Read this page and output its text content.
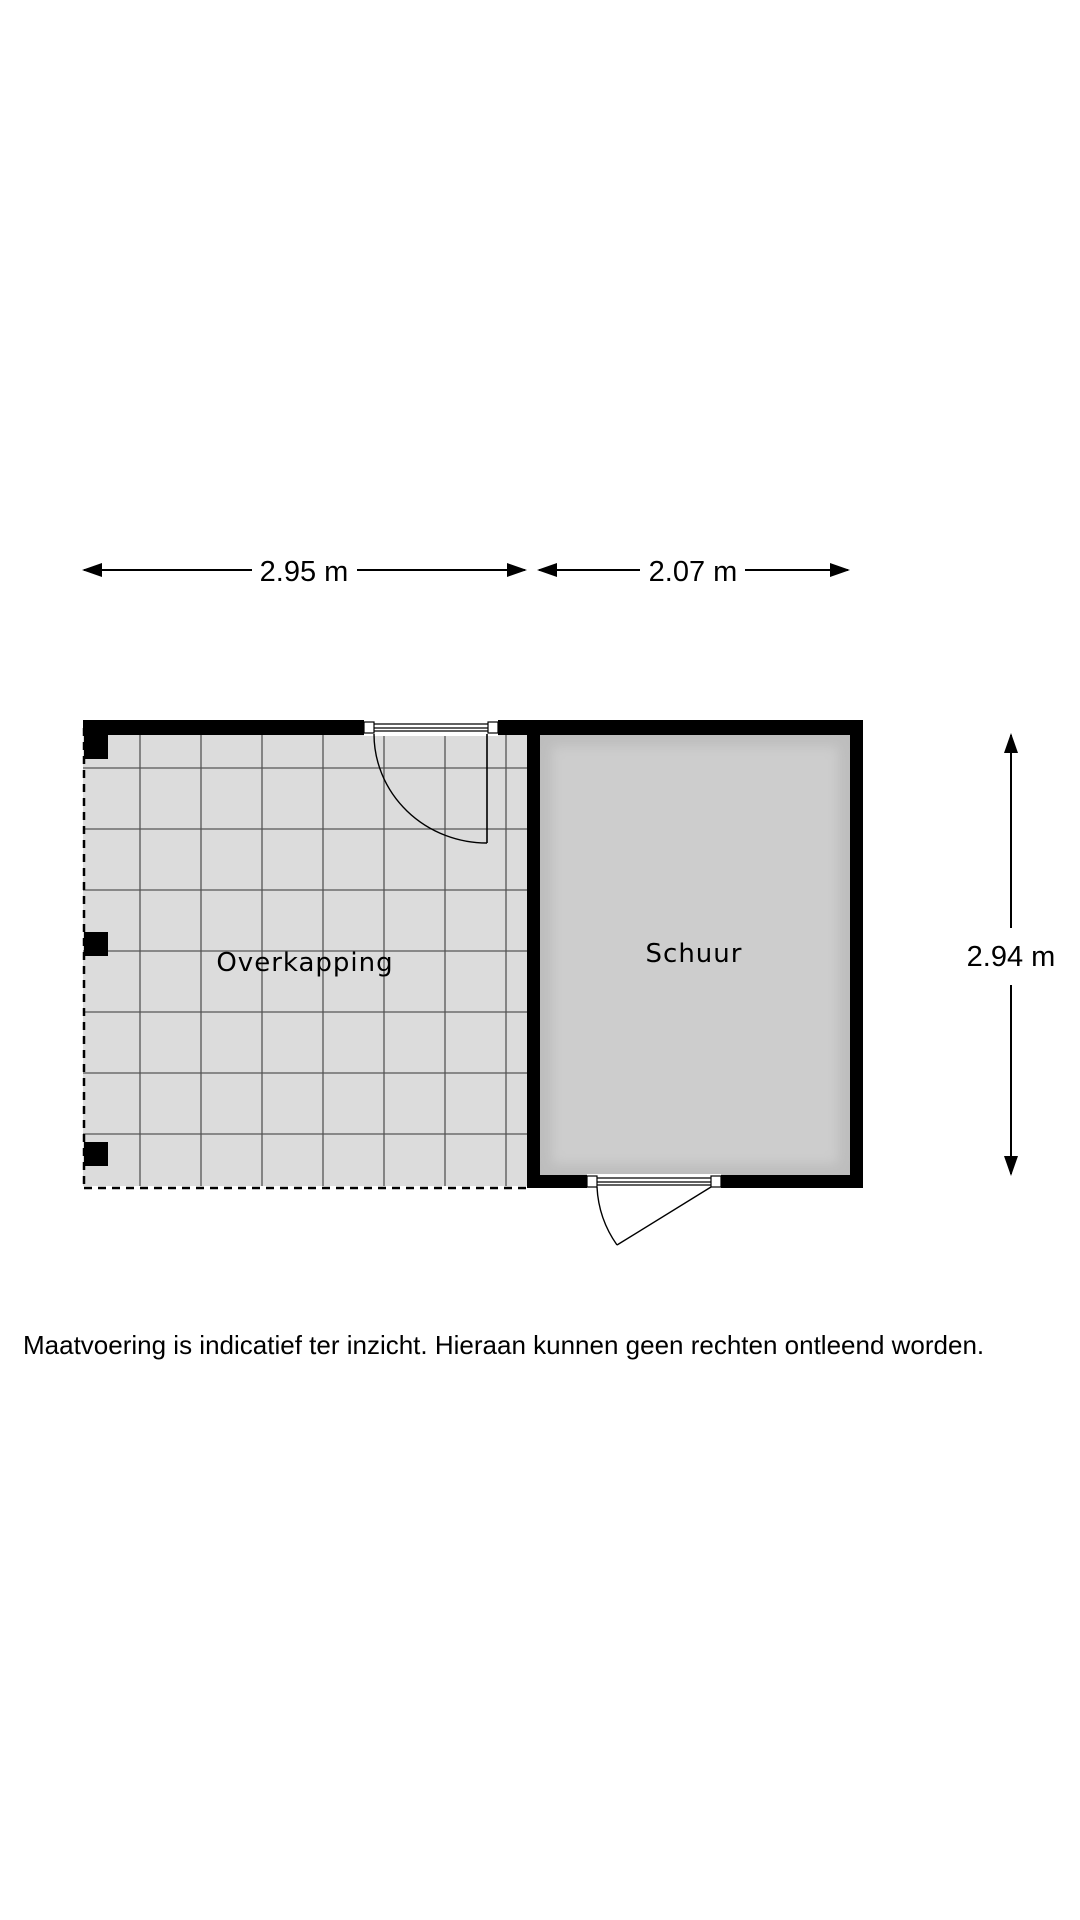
2.95 m	2.07 m
2.94 m
Overkapping	Schuur
Maatvoering is indicatief ter inzicht. Hieraan kunnen geen rechten ontleend worden.
